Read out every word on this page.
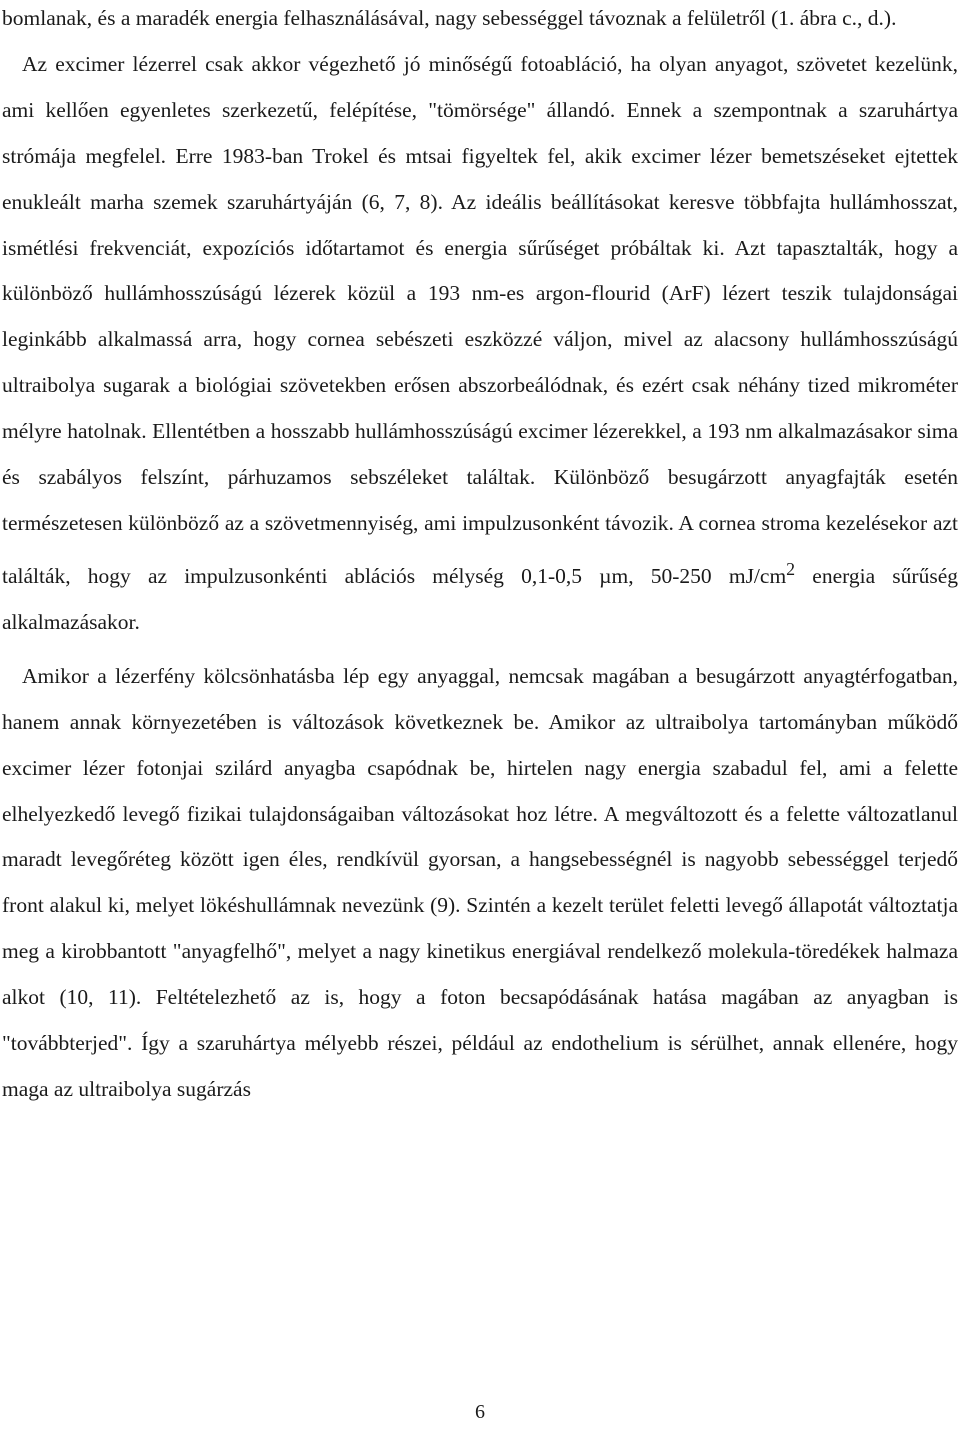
bomlanak, és a maradék energia felhasználásával, nagy sebességgel távoznak a felületről (1. ábra c., d.).

Az excimer lézerrel csak akkor végezhető jó minőségű fotoabláció, ha olyan anyagot, szövetet kezelünk, ami kellően egyenletes szerkezetű, felépítése, "tömörsége" állandó. Ennek a szempontnak a szaruhártya strómája megfelel. Erre 1983-ban Trokel és mtsai figyeltek fel, akik excimer lézer bemetszéseket ejtettek enukleált marha szemek szaruhártyáján (6, 7, 8). Az ideális beállításokat keresve többfajta hullámhosszat, ismétlési frekvenciát, expozíciós időtartamot és energia sűrűséget próbáltak ki. Azt tapasztalták, hogy a különböző hullámhosszúságú lézerek közül a 193 nm-es argon-flourid (ArF) lézert teszik tulajdonságai leginkább alkalmassá arra, hogy cornea sebészeti eszközzé váljon, mivel az alacsony hullámhosszúságú ultraibolya sugarak a biológiai szövetekben erősen abszorbeálódnak, és ezért csak néhány tized mikrométer mélyre hatolnak. Ellentétben a hosszabb hullámhosszúságú excimer lézerekkel, a 193 nm alkalmazásakor sima és szabályos felszínt, párhuzamos sebszéleket találtak. Különböző besugárzott anyagfajták esetén természetesen különböző az a szövetmennyiség, ami impulzusonként távozik. A cornea stroma kezelésekor azt találták, hogy az impulzusonkénti ablációs mélység 0,1-0,5 µm, 50-250 $mJ/cm^2$ energia sűrűség alkalmazásakor.

Amikor a lézerfény kölcsönhatásba lép egy anyaggal, nemcsak magában a besugárzott anyagtérfogatban, hanem annak környezetében is változások következnek be. Amikor az ultraibolya tartományban működő excimer lézer fotonjai szilárd anyagba csapódnak be, hirtelen nagy energia szabadul fel, ami a felette elhelyezkedő levegő fizikai tulajdonságaiban változásokat hoz létre. A megváltozott és a felette változatlanul maradt levegőréteg között igen éles, rendkívül gyorsan, a hangsebességnél is nagyobb sebességgel terjedő front alakul ki, melyet lökéshullámnak nevezünk (9). Szintén a kezelt terület feletti levegő állapotát változtatja meg a kirobbantott "anyagfelhő", melyet a nagy kinetikus energiával rendelkező molekula-töredékek halmaza alkot (10, 11). Feltételezhető az is, hogy a foton becsapódásának hatása magában az anyagban is "továbbterjed". Így a szaruhártya mélyebb részei, például az endothelium is sérülhet, annak ellenére, hogy maga az ultraibolya sugárzás

6
